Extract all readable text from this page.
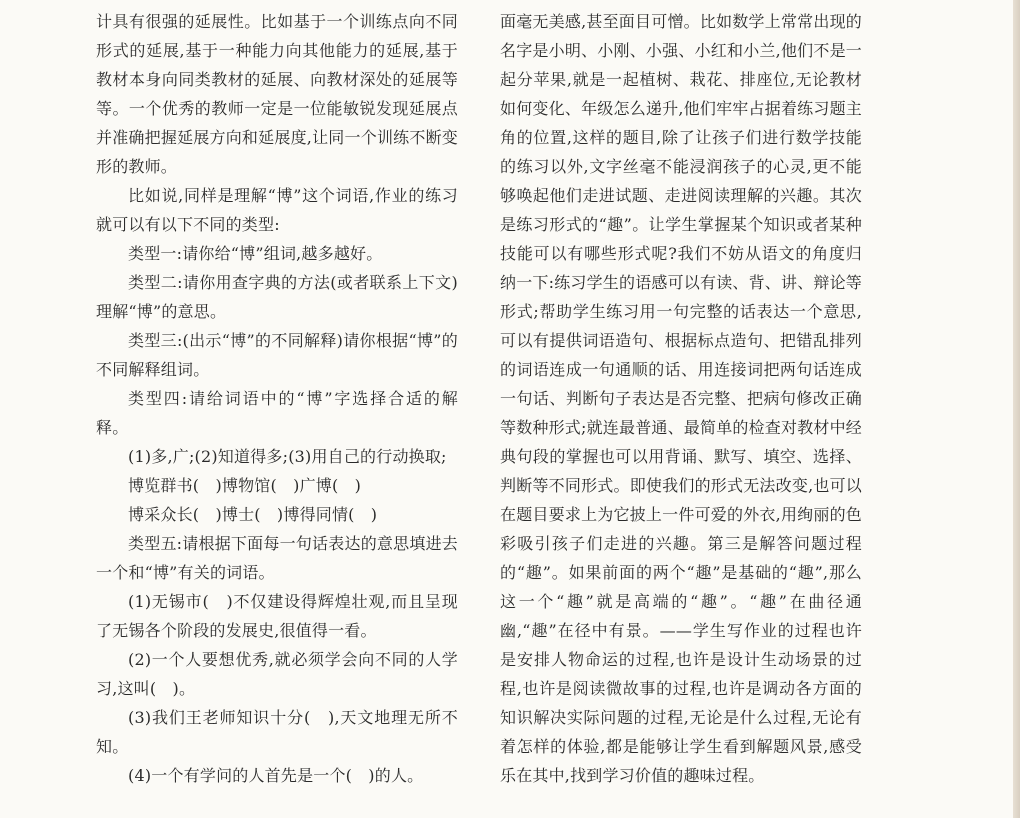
计具有很强的延展性。比如基于一个训练点向不同形式的延展,基于一种能力向其他能力的延展,基于教材本身向同类教材的延展、向教材深处的延展等等。一个优秀的教师一定是一位能敏锐发现延展点并准确把握延展方向和延展度,让同一个训练不断变形的教师。

比如说,同样是理解“博”这个词语,作业的练习就可以有以下不同的类型:

类型一:请你给“博”组词,越多越好。

类型二:请你用查字典的方法(或者联系上下文)理解“博”的意思。

类型三:(出示“博”的不同解释)请你根据“博”的不同解释组词。

类型四:请给词语中的“博”字选择合适的解释。

(1)多,广;(2)知道得多;(3)用自己的行动换取;

博览群书(　)博物馆(　)广博(　)

博采众长(　)博士(　)博得同情(　)

类型五:请根据下面每一句话表达的意思填进去一个和“博”有关的词语。

(1)无锡市(　)不仅建设得辉煌壮观,而且呈现了无锡各个阶段的发展史,很值得一看。

(2)一个人要想优秀,就必须学会向不同的人学习,这叫(　)。

(3)我们王老师知识十分(　),天文地理无所不知。

(4)一个有学问的人首先是一个(　)的人。

面毫无美感,甚至面目可憎。比如数学上常常出现的名字是小明、小刚、小强、小红和小兰,他们不是一起分苹果,就是一起植树、栽花、排座位,无论教材如何变化、年级怎么递升,他们牢牢占据着练习题主角的位置,这样的题目,除了让孩子们进行数学技能的练习以外,文字丝毫不能浸润孩子的心灵,更不能够唤起他们走进试题、走进阅读理解的兴趣。其次是练习形式的“趣”。让学生掌握某个知识或者某种技能可以有哪些形式呢?我们不妨从语文的角度归纳一下:练习学生的语感可以有读、背、讲、辩论等形式;帮助学生练习用一句完整的话表达一个意思,可以有提供词语造句、根据标点造句、把错乱排列的词语连成一句通顺的话、用连接词把两句话连成一句话、判断句子表达是否完整、把病句修改正确等数种形式;就连最普通、最简单的检查对教材中经典句段的掌握也可以用背诵、默写、填空、选择、判断等不同形式。即使我们的形式无法改变,也可以在题目要求上为它披上一件可爱的外衣,用绚丽的色彩吸引孩子们走进的兴趣。第三是解答问题过程的“趣”。如果前面的两个“趣”是基础的“趣”,那么这一个“趣”就是高端的“趣”。“趣”在曲径通幽,“趣”在径中有景。——学生写作业的过程也许是安排人物命运的过程,也许是设计生动场景的过程,也许是阅读微故事的过程,也许是调动各方面的知识解决实际问题的过程,无论是什么过程,无论有着怎样的体验,都是能够让学生看到解题风景,感受乐在其中,找到学习价值的趣味过程。
